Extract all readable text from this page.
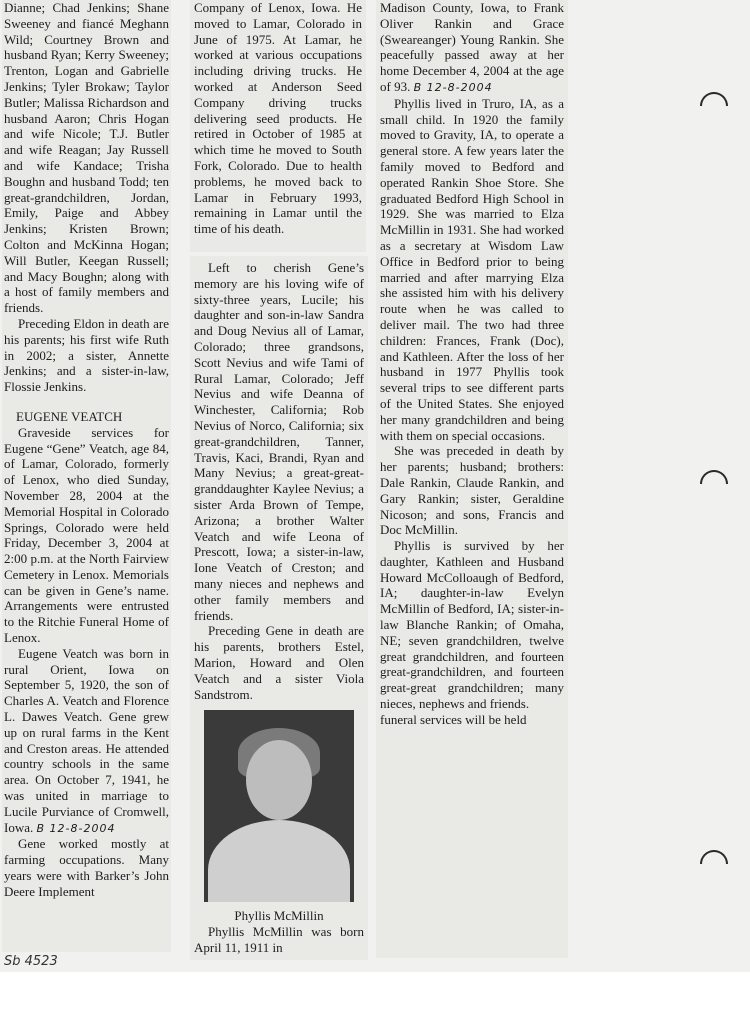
Dianne; Chad Jenkins; Shane Sweeney and fiancé Meghann Wild; Courtney Brown and husband Ryan; Kerry Sweeney; Trenton, Logan and Gabrielle Jenkins; Tyler Brokaw; Taylor Butler; Malissa Richardson and husband Aaron; Chris Hogan and wife Nicole; T.J. Butler and wife Reagan; Jay Russell and wife Kandace; Trisha Boughn and husband Todd; ten great-grandchildren, Jordan, Emily, Paige and Abbey Jenkins; Kristen Brown; Colton and McKinna Hogan; Will Butler, Keegan Russell; and Macy Boughn; along with a host of family members and friends.

Preceding Eldon in death are his parents; his first wife Ruth in 2002; a sister, Annette Jenkins; and a sister-in-law, Flossie Jenkins.

EUGENE VEATCH

Graveside services for Eugene “Gene” Veatch, age 84, of Lamar, Colorado, formerly of Lenox, who died Sunday, November 28, 2004 at the Memorial Hospital in Colorado Springs, Colorado were held Friday, December 3, 2004 at 2:00 p.m. at the North Fairview Cemetery in Lenox. Memorials can be given in Gene’s name. Arrangements were entrusted to the Ritchie Funeral Home of Lenox.

Eugene Veatch was born in rural Orient, Iowa on September 5, 1920, the son of Charles A. Veatch and Florence L. Dawes Veatch. Gene grew up on rural farms in the Kent and Creston areas. He attended country schools in the same area. On October 7, 1941, he was united in marriage to Lucile Purviance of Cromwell, Iowa. B 12-8-2004

Gene worked mostly at farming occupations. Many years were with Barker’s John Deere Implement

Company of Lenox, Iowa. He moved to Lamar, Colorado in June of 1975. At Lamar, he worked at various occupations including driving trucks. He worked at Anderson Seed Company driving trucks delivering seed products. He retired in October of 1985 at which time he moved to South Fork, Colorado. Due to health problems, he moved back to Lamar in February 1993, remaining in Lamar until the time of his death.

Left to cherish Gene’s memory are his loving wife of sixty-three years, Lucile; his daughter and son-in-law Sandra and Doug Nevius all of Lamar, Colorado; three grandsons, Scott Nevius and wife Tami of Rural Lamar, Colorado; Jeff Nevius and wife Deanna of Winchester, California; Rob Nevius of Norco, California; six great-grandchildren, Tanner, Travis, Kaci, Brandi, Ryan and Many Nevius; a great-great-granddaughter Kaylee Nevius; a sister Arda Brown of Tempe, Arizona; a brother Walter Veatch and wife Leona of Prescott, Iowa; a sister-in-law, Ione Veatch of Creston; and many nieces and nephews and other family members and friends.

Preceding Gene in death are his parents, brothers Estel, Marion, Howard and Olen Veatch and a sister Viola Sandstrom.

Phyllis McMillin

Phyllis McMillin was born April 11, 1911 in

Madison County, Iowa, to Frank Oliver Rankin and Grace (Sweareanger) Young Rankin. She peacefully passed away at her home December 4, 2004 at the age of 93. B 12-8-2004

Phyllis lived in Truro, IA, as a small child. In 1920 the family moved to Gravity, IA, to operate a general store. A few years later the family moved to Bedford and operated Rankin Shoe Store. She graduated Bedford High School in 1929. She was married to Elza McMillin in 1931. She had worked as a secretary at Wisdom Law Office in Bedford prior to being married and after marrying Elza she assisted him with his delivery route when he was called to deliver mail. The two had three children: Frances, Frank (Doc), and Kathleen. After the loss of her husband in 1977 Phyllis took several trips to see different parts of the United States. She enjoyed her many grandchildren and being with them on special occasions.

She was preceded in death by her parents; husband; brothers: Dale Rankin, Claude Rankin, and Gary Rankin; sister, Geraldine Nicoson; and sons, Francis and Doc McMillin.

Phyllis is survived by her daughter, Kathleen and Husband Howard McColloaugh of Bedford, IA; daughter-in-law Evelyn McMillin of Bedford, IA; sister-in-law Blanche Rankin; of Omaha, NE; seven grandchildren, twelve great grandchildren, and fourteen great-grandchildren, and fourteen great-great grandchildren; many nieces, nephews and friends.

funeral services will be held

Sb 4523
